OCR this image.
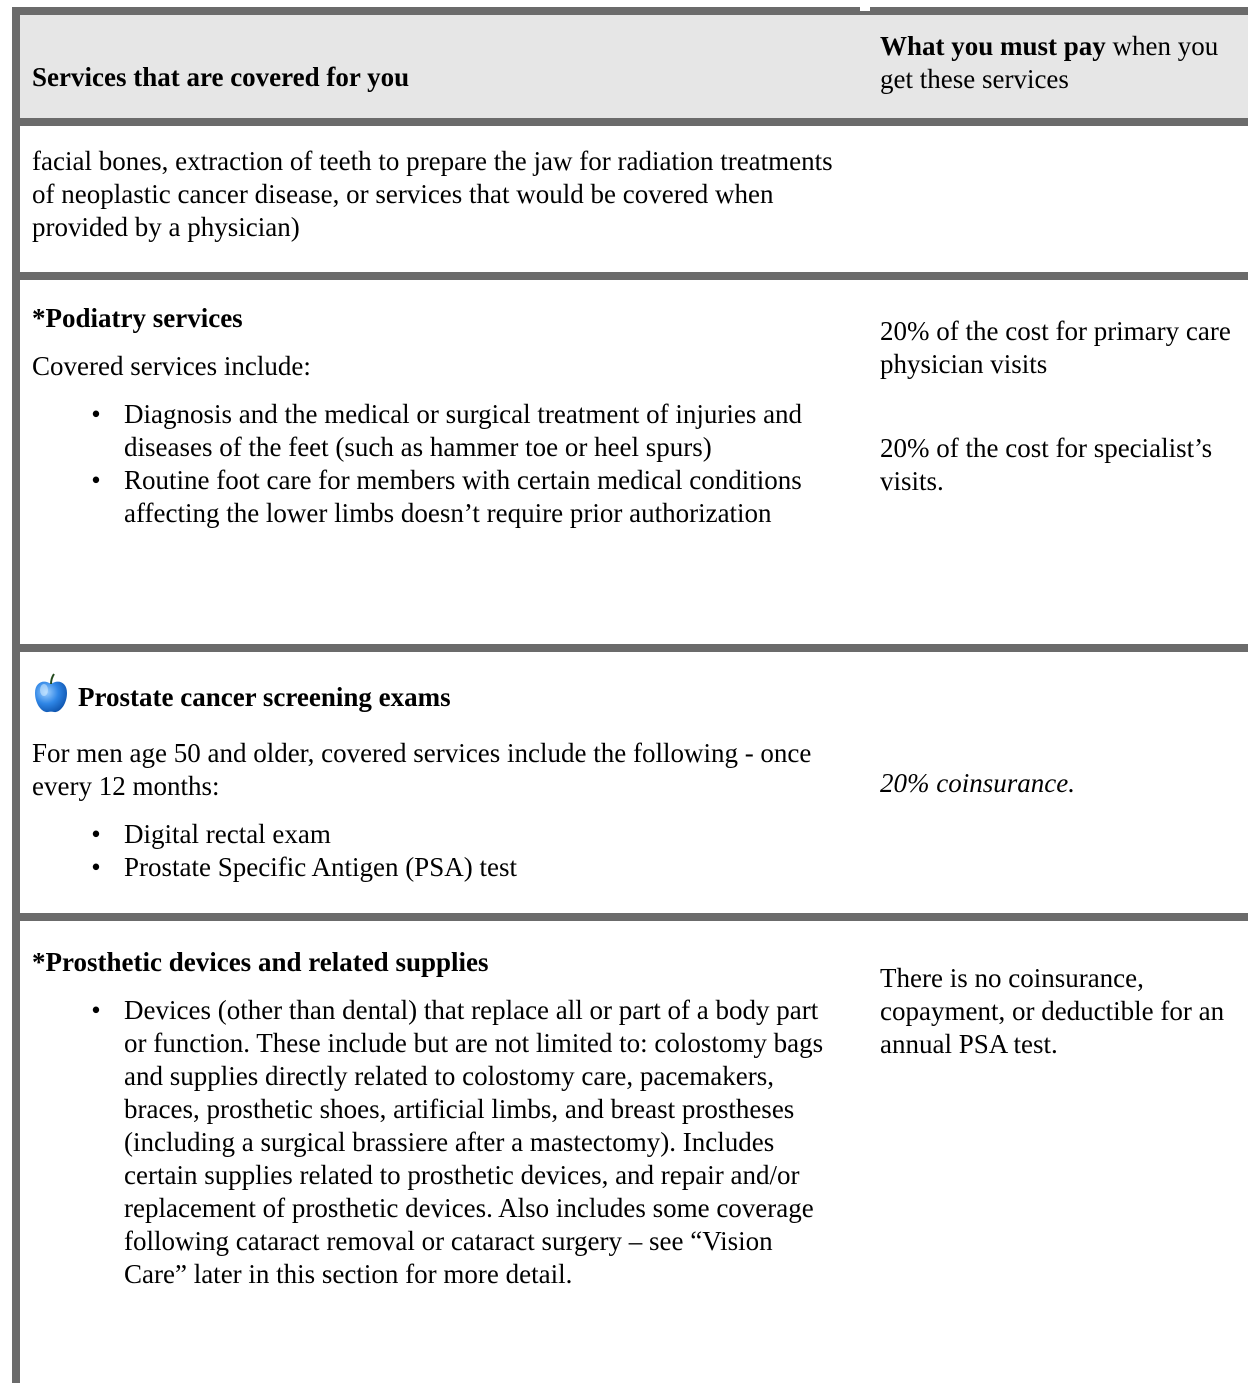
Services that are covered for you
What you must pay when you get these services
facial bones, extraction of teeth to prepare the jaw for radiation treatments of neoplastic cancer disease, or services that would be covered when provided by a physician)

*Podiatry services

Covered services include:

• Diagnosis and the medical or surgical treatment of injuries and diseases of the feet (such as hammer toe or heel spurs)
• Routine foot care for members with certain medical conditions affecting the lower limbs doesn’t require prior authorization

20% of the cost for primary care physician visits

20% of the cost for specialist’s visits.

Prostate cancer screening exams

For men age 50 and older, covered services include the following - once every 12 months:

• Digital rectal exam
• Prostate Specific Antigen (PSA) test
20% coinsurance.

*Prosthetic devices and related supplies

• Devices (other than dental) that replace all or part of a body part or function. These include but are not limited to: colostomy bags and supplies directly related to colostomy care, pacemakers, braces, prosthetic shoes, artificial limbs, and breast prostheses (including a surgical brassiere after a mastectomy). Includes certain supplies related to prosthetic devices, and repair and/or replacement of prosthetic devices. Also includes some coverage following cataract removal or cataract surgery – see “Vision Care” later in this section for more detail.
There is no coinsurance, copayment, or deductible for an annual PSA test.
